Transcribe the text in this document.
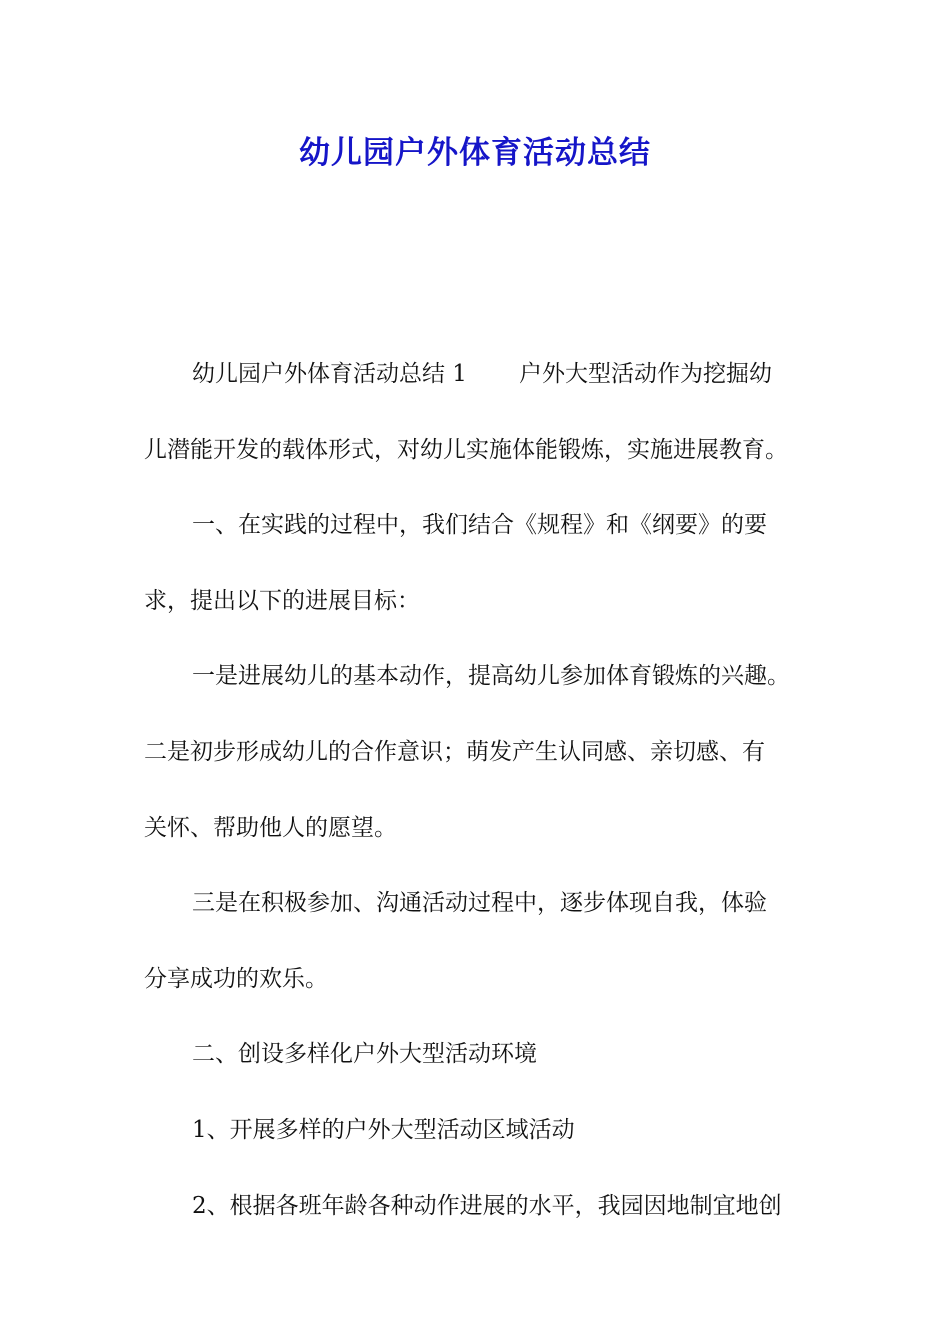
幼儿园户外体育活动总结
幼儿园户外体育活动总结 1 户外大型活动作为挖掘幼
儿潜能开发的载体形式，对幼儿实施体能锻炼，实施进展教育。
一、在实践的过程中，我们结合《规程》和《纲要》的要
求，提出以下的进展目标：
一是进展幼儿的基本动作，提高幼儿参加体育锻炼的兴趣。
二是初步形成幼儿的合作意识；萌发产生认同感、亲切感、有
关怀、帮助他人的愿望。
三是在积极参加、沟通活动过程中，逐步体现自我，体验
分享成功的欢乐。
二、创设多样化户外大型活动环境
1、开展多样的户外大型活动区域活动
2、根据各班年龄各种动作进展的水平，我园因地制宜地创
